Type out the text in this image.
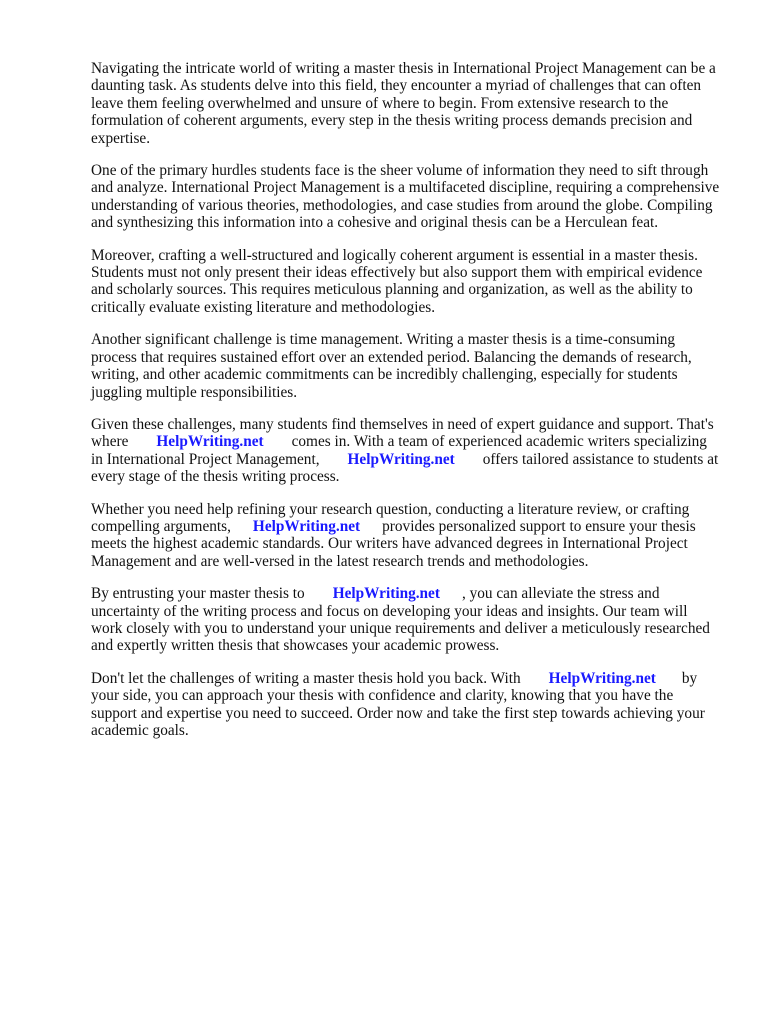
Navigating the intricate world of writing a master thesis in International Project Management can be a daunting task. As students delve into this field, they encounter a myriad of challenges that can often leave them feeling overwhelmed and unsure of where to begin. From extensive research to the formulation of coherent arguments, every step in the thesis writing process demands precision and expertise.

One of the primary hurdles students face is the sheer volume of information they need to sift through and analyze. International Project Management is a multifaceted discipline, requiring a comprehensive understanding of various theories, methodologies, and case studies from around the globe. Compiling and synthesizing this information into a cohesive and original thesis can be a Herculean feat.

Moreover, crafting a well-structured and logically coherent argument is essential in a master thesis. Students must not only present their ideas effectively but also support them with empirical evidence and scholarly sources. This requires meticulous planning and organization, as well as the ability to critically evaluate existing literature and methodologies.

Another significant challenge is time management. Writing a master thesis is a time-consuming process that requires sustained effort over an extended period. Balancing the demands of research, writing, and other academic commitments can be incredibly challenging, especially for students juggling multiple responsibilities.

Given these challenges, many students find themselves in need of expert guidance and support. That's where HelpWriting.net comes in. With a team of experienced academic writers specializing in International Project Management, HelpWriting.net offers tailored assistance to students at every stage of the thesis writing process.

Whether you need help refining your research question, conducting a literature review, or crafting compelling arguments, HelpWriting.net provides personalized support to ensure your thesis meets the highest academic standards. Our writers have advanced degrees in International Project Management and are well-versed in the latest research trends and methodologies.

By entrusting your master thesis to HelpWriting.net , you can alleviate the stress and uncertainty of the writing process and focus on developing your ideas and insights. Our team will work closely with you to understand your unique requirements and deliver a meticulously researched and expertly written thesis that showcases your academic prowess.

Don't let the challenges of writing a master thesis hold you back. With HelpWriting.net by your side, you can approach your thesis with confidence and clarity, knowing that you have the support and expertise you need to succeed. Order now and take the first step towards achieving your academic goals.
